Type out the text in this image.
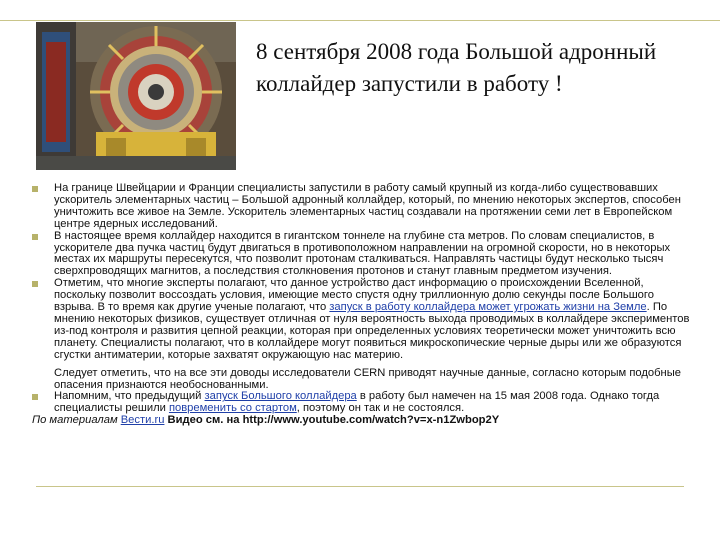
8 сентября 2008 года Большой адронный коллайдер запустили в работу !
На границе Швейцарии и Франции специалисты запустили в работу самый крупный из когда-либо существовавших ускоритель элементарных частиц – Большой адронный коллайдер, который, по мнению некоторых экспертов, способен уничтожить все живое на Земле. Ускоритель элементарных частиц создавали на протяжении семи лет в Европейском центре ядерных исследований.
В настоящее время коллайдер находится в гигантском тоннеле на глубине ста метров. По словам специалистов, в ускорителе два пучка частиц будут двигаться в противоположном направлении на огромной скорости, но в некоторых местах их маршруты пересекутся, что позволит протонам сталкиваться. Направлять частицы будут несколько тысяч сверхпроводящих магнитов, а последствия столкновения протонов и станут главным предметом изучения.
Отметим, что многие эксперты полагают, что данное устройство даст информацию о происхождении Вселенной, поскольку позволит воссоздать условия, имеющие место спустя одну триллионную долю секунды после Большого взрыва. В то время как другие ученые полагают, что запуск в работу коллайдера может угрожать жизни на Земле. По мнению некоторых физиков, существует отличная от нуля вероятность выхода проводимых в коллайдере экспериментов из-под контроля и развития цепной реакции, которая при определенных условиях теоретически может уничтожить всю планету. Специалисты полагают, что в коллайдере могут появиться микроскопические черные дыры или же образуются сгустки антиматерии, которые захватят окружающую нас материю.
Следует отметить, что на все эти доводы исследователи CERN приводят научные данные, согласно которым подобные опасения признаются необоснованными.
Напомним, что предыдущий запуск Большого коллайдера в работу был намечен на 15 мая 2008 года. Однако тогда специалисты решили повременить со стартом, поэтому он так и не состоялся.
По материалам Вести.ru Видео см. на http://www.youtube.com/watch?v=x-n1Zwbop2Y
